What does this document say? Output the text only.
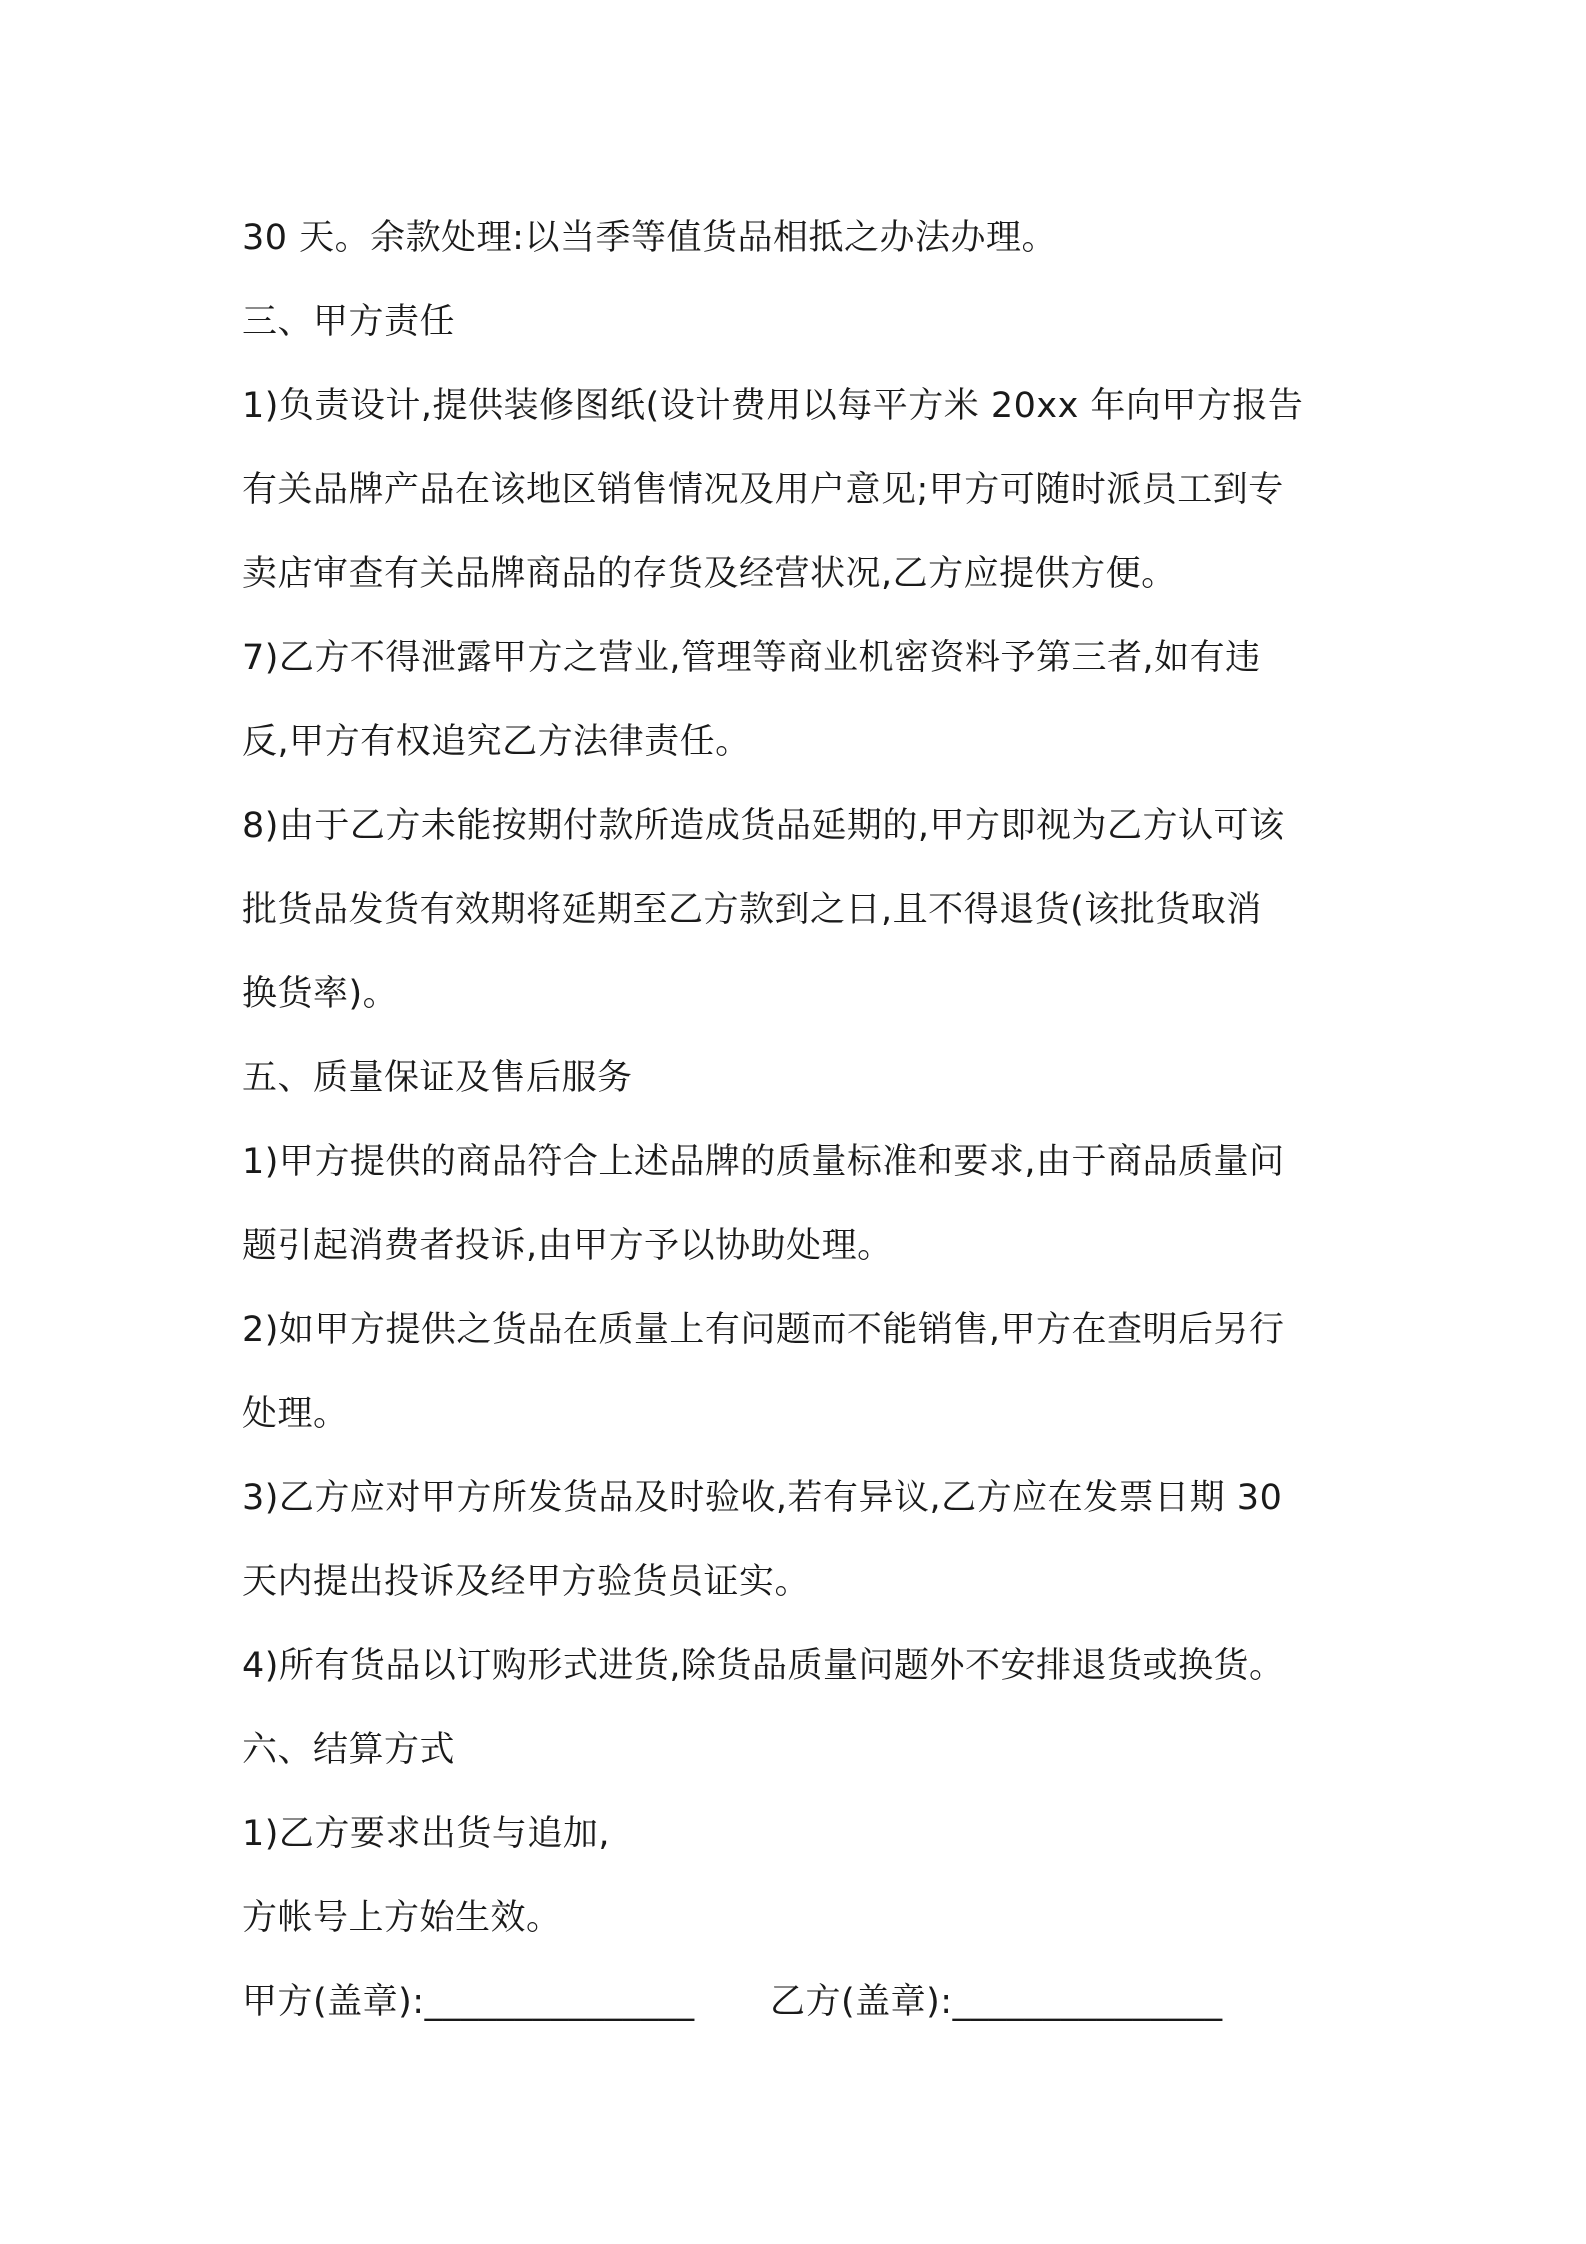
30 天。余款处理:以当季等值货品相抵之办法办理。
三、甲方责任
1)负责设计,提供装修图纸(设计费用以每平方米 20xx 年向甲方报告
有关品牌产品在该地区销售情况及用户意见;甲方可随时派员工到专
卖店审查有关品牌商品的存货及经营状况,乙方应提供方便。
7)乙方不得泄露甲方之营业,管理等商业机密资料予第三者,如有违
反,甲方有权追究乙方法律责任。
8)由于乙方未能按期付款所造成货品延期的,甲方即视为乙方认可该
批货品发货有效期将延期至乙方款到之日,且不得退货(该批货取消
换货率)。
五、质量保证及售后服务
1)甲方提供的商品符合上述品牌的质量标准和要求,由于商品质量问
题引起消费者投诉,由甲方予以协助处理。
2)如甲方提供之货品在质量上有问题而不能销售,甲方在查明后另行
处理。
3)乙方应对甲方所发货品及时验收,若有异议,乙方应在发票日期 30
天内提出投诉及经甲方验货员证实。
4)所有货品以订购形式进货,除货品质量问题外不安排退货或换货。
六、结算方式
1)乙方要求出货与追加,
方帐号上方始生效。
甲方(盖章):_______________	乙方(盖章):_______________
